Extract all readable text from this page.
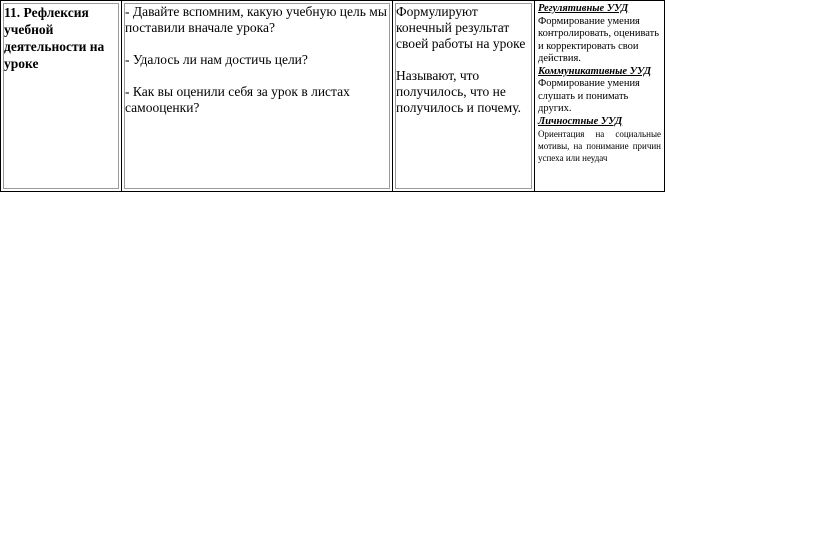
11. Рефлексия учебной деятельности на уроке

- Давайте вспомним, какую учебную цель мы поставили вначале урока?

- Удалось ли нам достичь цели?

- Как вы оценили себя за урок в листах самооценки?

Формулируют конечный результат своей работы на уроке

Называют, что получилось, что не получилось и почему.

Регулятивные УУД
Формирование умения контролировать, оценивать и корректировать свои действия.
Коммуникативные УУД
Формирование умения слушать и понимать других.
Личностные УУД
Ориентация на социальные мотивы, на понимание причин успеха или неудач
